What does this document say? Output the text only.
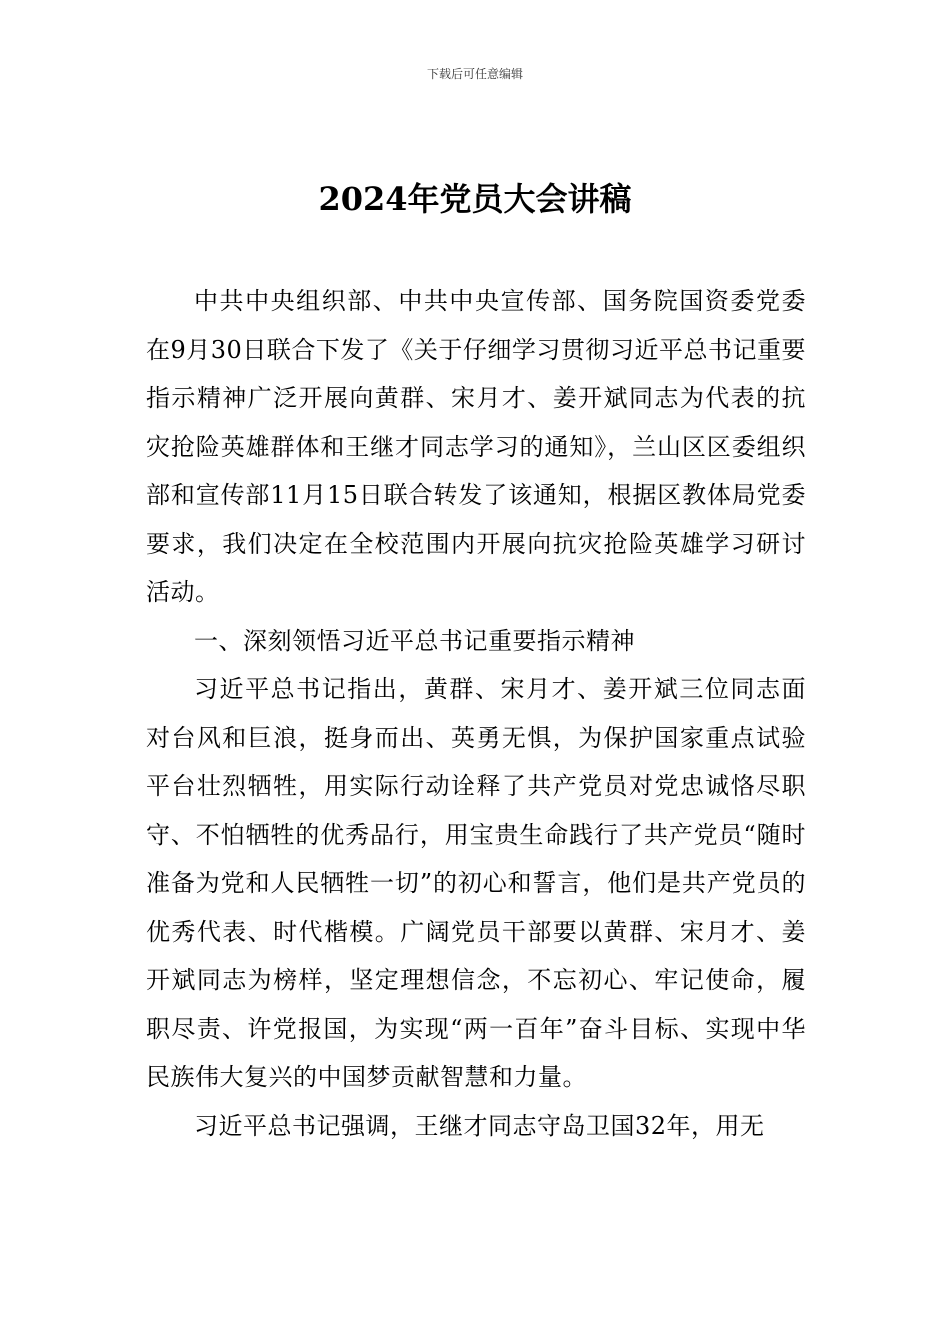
下载后可任意编辑
2024年党员大会讲稿

中共中央组织部、中共中央宣传部、国务院国资委党委在9月30日联合下发了《关于仔细学习贯彻习近平总书记重要指示精神广泛开展向黄群、宋月才、姜开斌同志为代表的抗灾抢险英雄群体和王继才同志学习的通知》，兰山区区委组织部和宣传部11月15日联合转发了该通知，根据区教体局党委要求，我们决定在全校范围内开展向抗灾抢险英雄学习研讨活动。

一、深刻领悟习近平总书记重要指示精神

习近平总书记指出，黄群、宋月才、姜开斌三位同志面对台风和巨浪，挺身而出、英勇无惧，为保护国家重点试验平台壮烈牺牲，用实际行动诠释了共产党员对党忠诚恪尽职守、不怕牺牲的优秀品行，用宝贵生命践行了共产党员“随时准备为党和人民牺牲一切”的初心和誓言，他们是共产党员的优秀代表、时代楷模。广阔党员干部要以黄群、宋月才、姜开斌同志为榜样，坚定理想信念，不忘初心、牢记使命，履职尽责、许党报国，为实现“两一百年”奋斗目标、实现中华民族伟大复兴的中国梦贡献智慧和力量。

习近平总书记强调，王继才同志守岛卫国32年，用无
